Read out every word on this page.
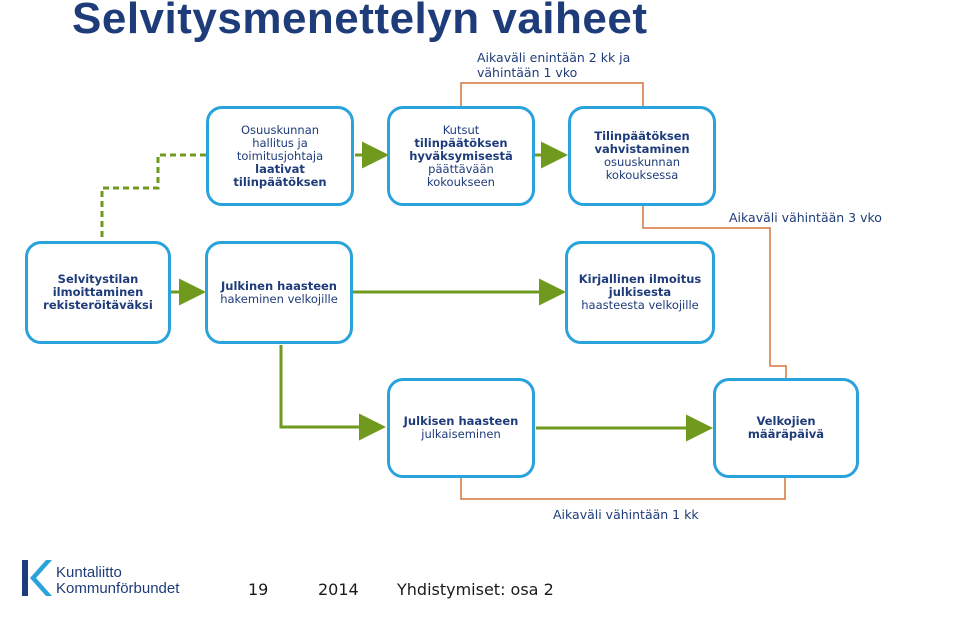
Selvitysmenettelyn vaiheet
Aikaväli enintään 2 kk ja
vähintään 1 vko
Aikaväli vähintään 3 vko
Aikaväli vähintään 1 kk
Osuuskunnan
hallitus ja
toimitusjohtaja
laativat
tilinpäätöksen
Kutsut
tilinpäätöksen
hyväksymisestä
päättävään
kokoukseen
Tilinpäätöksen
vahvistaminen
osuuskunnan
kokouksessa
Selvitystilan
ilmoittaminen
rekisteröitäväksi
Julkinen haasteen
hakeminen velkojille
Kirjallinen ilmoitus
julkisesta
haasteesta velkojille
Julkisen haasteen
julkaiseminen
Velkojien
määräpäivä
Kuntaliitto
Kommunförbundet	19	2014 Yhdistymiset: osa 2
